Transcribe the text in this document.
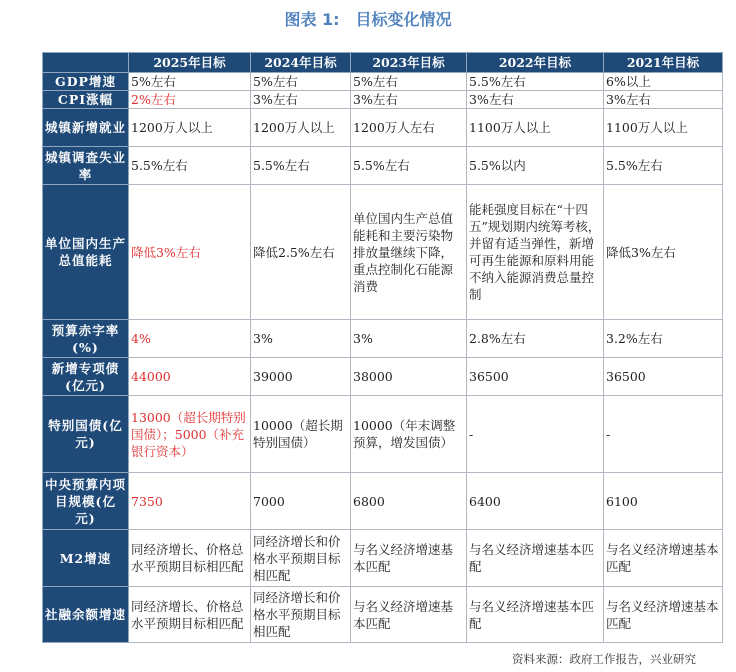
图表 1: 目标变化情况
	2025年目标	2024年目标	2023年目标	2022年目标	2021年目标
GDP增速	5%左右	5%左右	5%左右	5.5%左右	6%以上
CPI涨幅	2%左右	3%左右	3%左右	3%左右	3%左右
城镇新增就业	1200万人以上	1200万人以上	1200万人左右	1100万人以上	1100万人以上
城镇调查失业率	5.5%左右	5.5%左右	5.5%左右	5.5%以内	5.5%左右
单位国内生产总值能耗	降低3%左右	降低2.5%左右	单位国内生产总值能耗和主要污染物排放量继续下降，重点控制化石能源消费	能耗强度目标在“十四五”规划期内统筹考核，并留有适当弹性，新增可再生能源和原料用能不纳入能源消费总量控制	降低3%左右
预算赤字率(%)	4%	3%	3%	2.8%左右	3.2%左右
新增专项债(亿元)	44000	39000	38000	36500	36500
特别国债(亿元)	13000（超长期特别国债）；5000（补充银行资本）	10000（超长期特别国债）	10000（年末调整预算，增发国债）	-	-
中央预算内项目规模(亿元)	7350	7000	6800	6400	6100
M2增速	同经济增长、价格总水平预期目标相匹配	同经济增长和价格水平预期目标相匹配	与名义经济增速基本匹配	与名义经济增速基本匹配	与名义经济增速基本匹配
社融余额增速	同经济增长、价格总水平预期目标相匹配	同经济增长和价格水平预期目标相匹配	与名义经济增速基本匹配	与名义经济增速基本匹配	与名义经济增速基本匹配
资料来源：政府工作报告，兴业研究
